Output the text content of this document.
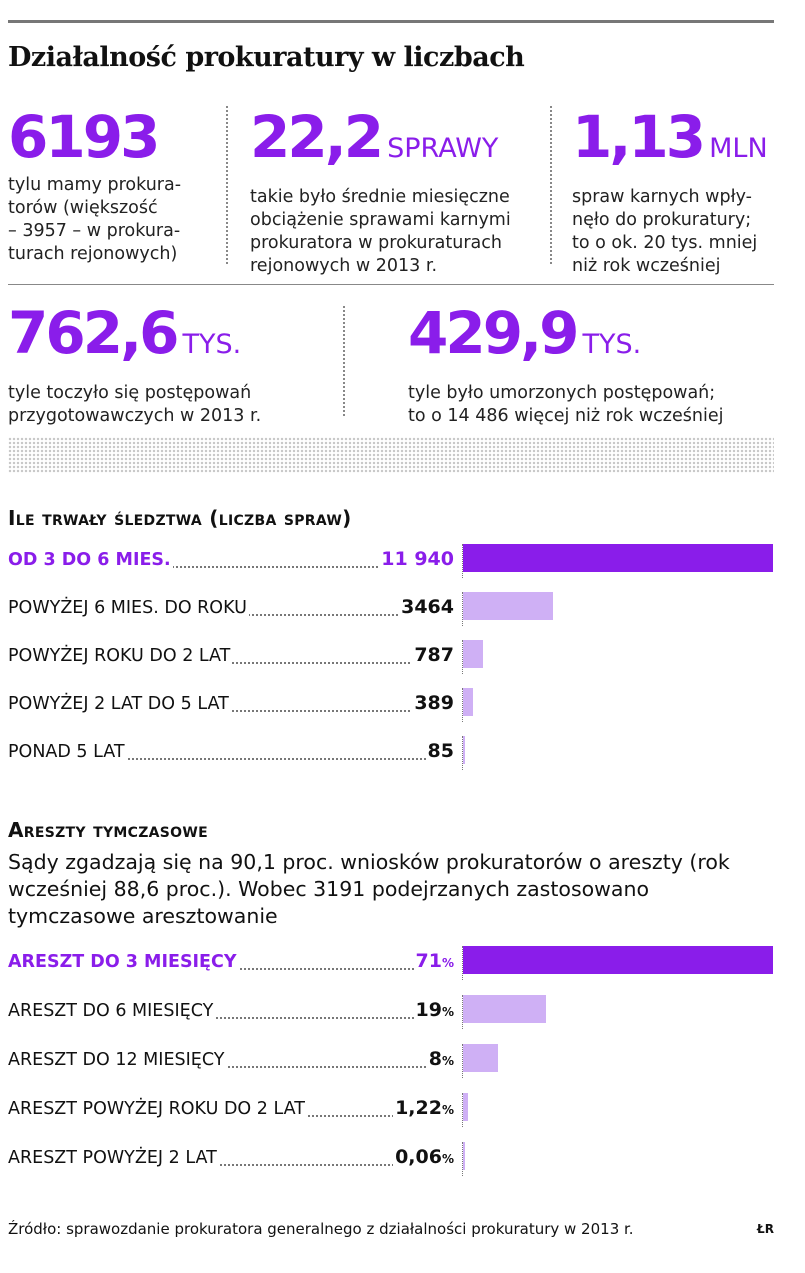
Działalność prokuratury w liczbach
6193
tylu mamy prokura-
torów (większość
– 3957 – w prokura-
turach rejonowych)
22,2 SPRAWY
takie było średnie miesięczne
obciążenie sprawami karnymi
prokuratora w prokuraturach
rejonowych w 2013 r.
1,13 MLN
spraw karnych wpły-
nęło do prokuratury;
to o ok. 20 tys. mniej
niż rok wcześniej
762,6 TYS.
tyle toczyło się postępowań
przygotowawczych w 2013 r.
429,9 TYS.
tyle było umorzonych postępowań;
to o 14 486 więcej niż rok wcześniej
Ile trwały śledztwa (liczba spraw)
OD 3 DO 6 MIES.	11 940
POWYŻEJ 6 MIES. DO ROKU	3464
POWYŻEJ ROKU DO 2 LAT	787
POWYŻEJ 2 LAT DO 5 LAT	389
PONAD 5 LAT	85
Areszty tymczasowe
Sądy zgadzają się na 90,1 proc. wniosków prokuratorów o areszty (rok wcześniej 88,6 proc.). Wobec 3191 podejrzanych zastosowano tymczasowe aresztowanie
ARESZT DO 3 MIESIĘCY	71%
ARESZT DO 6 MIESIĘCY	19%
ARESZT DO 12 MIESIĘCY	8%
ARESZT POWYŻEJ ROKU DO 2 LAT	1,22%
ARESZT POWYŻEJ 2 LAT	0,06%
Źródło: sprawozdanie prokuratora generalnego z działalności prokuratury w 2013 r.	ŁR
